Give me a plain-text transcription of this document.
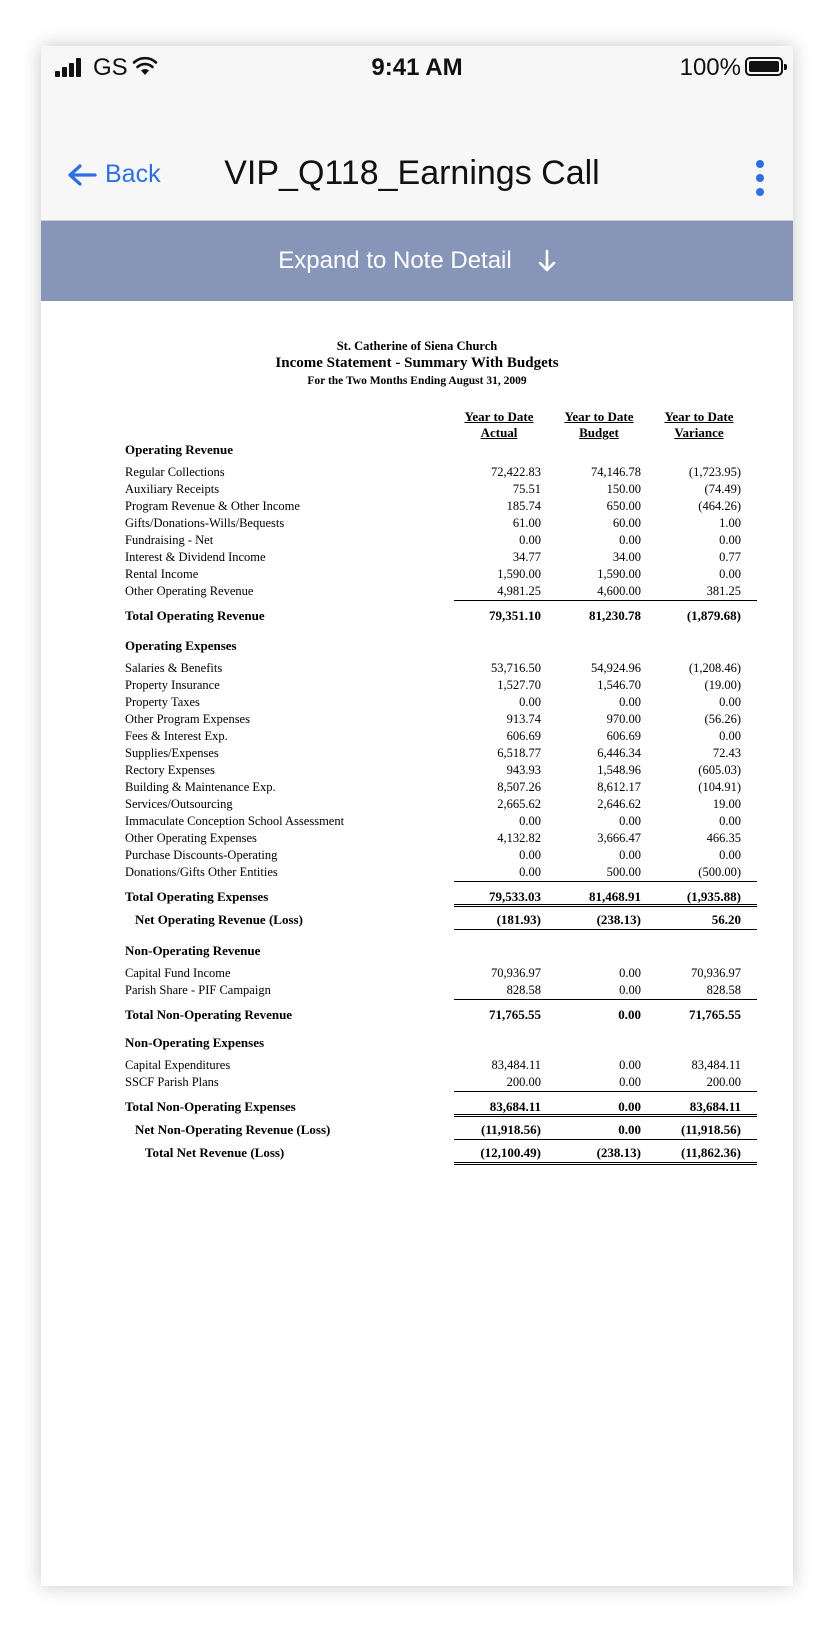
GS	9:41 AM	100%
Back	VIP_Q118_Earnings Call
Expand to Note Detail
St. Catherine of Siena Church
Income Statement - Summary With Budgets
For the Two Months Ending August 31, 2009
Year to Date
Actual
Year to Date
Budget
Year to Date
Variance
Operating Revenue
Regular Collections	72,422.83	74,146.78	(1,723.95)
Auxiliary Receipts	75.51	150.00	(74.49)
Program Revenue & Other Income	185.74	650.00	(464.26)
Gifts/Donations-Wills/Bequests	61.00	60.00	1.00
Fundraising - Net	0.00	0.00	0.00
Interest & Dividend Income	34.77	34.00	0.77
Rental Income	1,590.00	1,590.00	0.00
Other Operating Revenue	4,981.25	4,600.00	381.25
Total Operating Revenue	79,351.10	81,230.78	(1,879.68)
Operating Expenses
Salaries & Benefits	53,716.50	54,924.96	(1,208.46)
Property Insurance	1,527.70	1,546.70	(19.00)
Property Taxes	0.00	0.00	0.00
Other Program Expenses	913.74	970.00	(56.26)
Fees & Interest Exp.	606.69	606.69	0.00
Supplies/Expenses	6,518.77	6,446.34	72.43
Rectory Expenses	943.93	1,548.96	(605.03)
Building & Maintenance Exp.	8,507.26	8,612.17	(104.91)
Services/Outsourcing	2,665.62	2,646.62	19.00
Immaculate Conception School Assessment	0.00	0.00	0.00
Other Operating Expenses	4,132.82	3,666.47	466.35
Purchase Discounts-Operating	0.00	0.00	0.00
Donations/Gifts Other Entities	0.00	500.00	(500.00)
Total Operating Expenses	79,533.03	81,468.91	(1,935.88)
Net Operating Revenue (Loss)	(181.93)	(238.13)	56.20
Non-Operating Revenue
Capital Fund Income	70,936.97	0.00	70,936.97
Parish Share - PIF Campaign	828.58	0.00	828.58
Total Non-Operating Revenue	71,765.55	0.00	71,765.55
Non-Operating Expenses
Capital Expenditures	83,484.11	0.00	83,484.11
SSCF Parish Plans	200.00	0.00	200.00
Total Non-Operating Expenses	83,684.11	0.00	83,684.11
Net Non-Operating Revenue (Loss)	(11,918.56)	0.00	(11,918.56)
Total Net Revenue (Loss)	(12,100.49)	(238.13)	(11,862.36)
